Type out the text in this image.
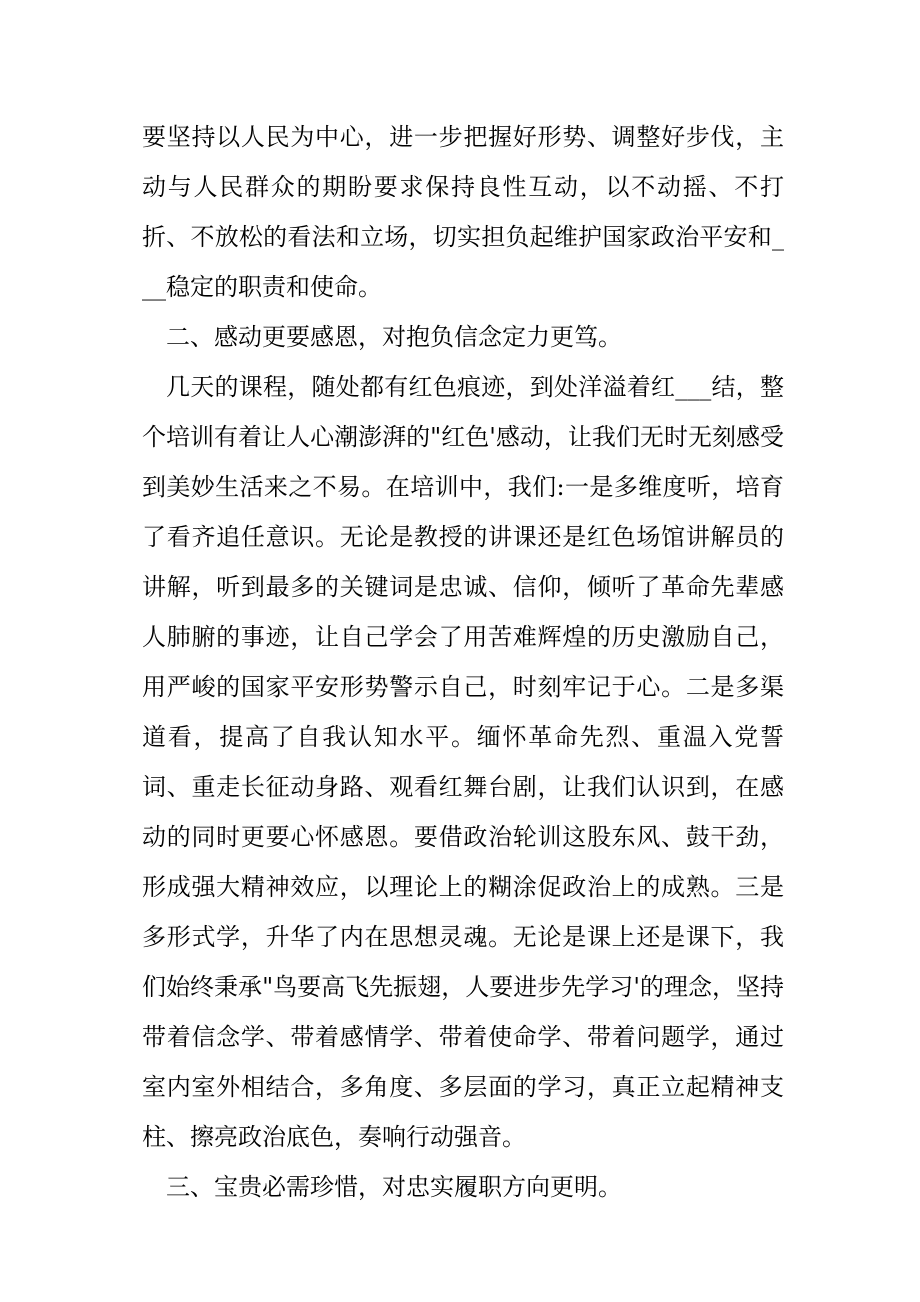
要坚持以人民为中心，进一步把握好形势、调整好步伐，主动与人民群众的期盼要求保持良性互动，以不动摇、不打折、不放松的看法和立场，切实担负起维护国家政治平安和___稳定的职责和使命。

二、感动更要感恩，对抱负信念定力更笃。

几天的课程，随处都有红色痕迹，到处洋溢着红___结，整个培训有着让人心潮澎湃的"红色'感动，让我们无时无刻感受到美妙生活来之不易。在培训中，我们:一是多维度听，培育了看齐追任意识。无论是教授的讲课还是红色场馆讲解员的讲解，听到最多的关键词是忠诚、信仰，倾听了革命先辈感人肺腑的事迹，让自己学会了用苦难辉煌的历史激励自己，用严峻的国家平安形势警示自己，时刻牢记于心。二是多渠道看，提高了自我认知水平。缅怀革命先烈、重温入党誓词、重走长征动身路、观看红舞台剧，让我们认识到，在感动的同时更要心怀感恩。要借政治轮训这股东风、鼓干劲，形成强大精神效应，以理论上的糊涂促政治上的成熟。三是多形式学，升华了内在思想灵魂。无论是课上还是课下，我们始终秉承"鸟要高飞先振翅，人要进步先学习'的理念，坚持带着信念学、带着感情学、带着使命学、带着问题学，通过室内室外相结合，多角度、多层面的学习，真正立起精神支柱、擦亮政治底色，奏响行动强音。

三、宝贵必需珍惜，对忠实履职方向更明。
